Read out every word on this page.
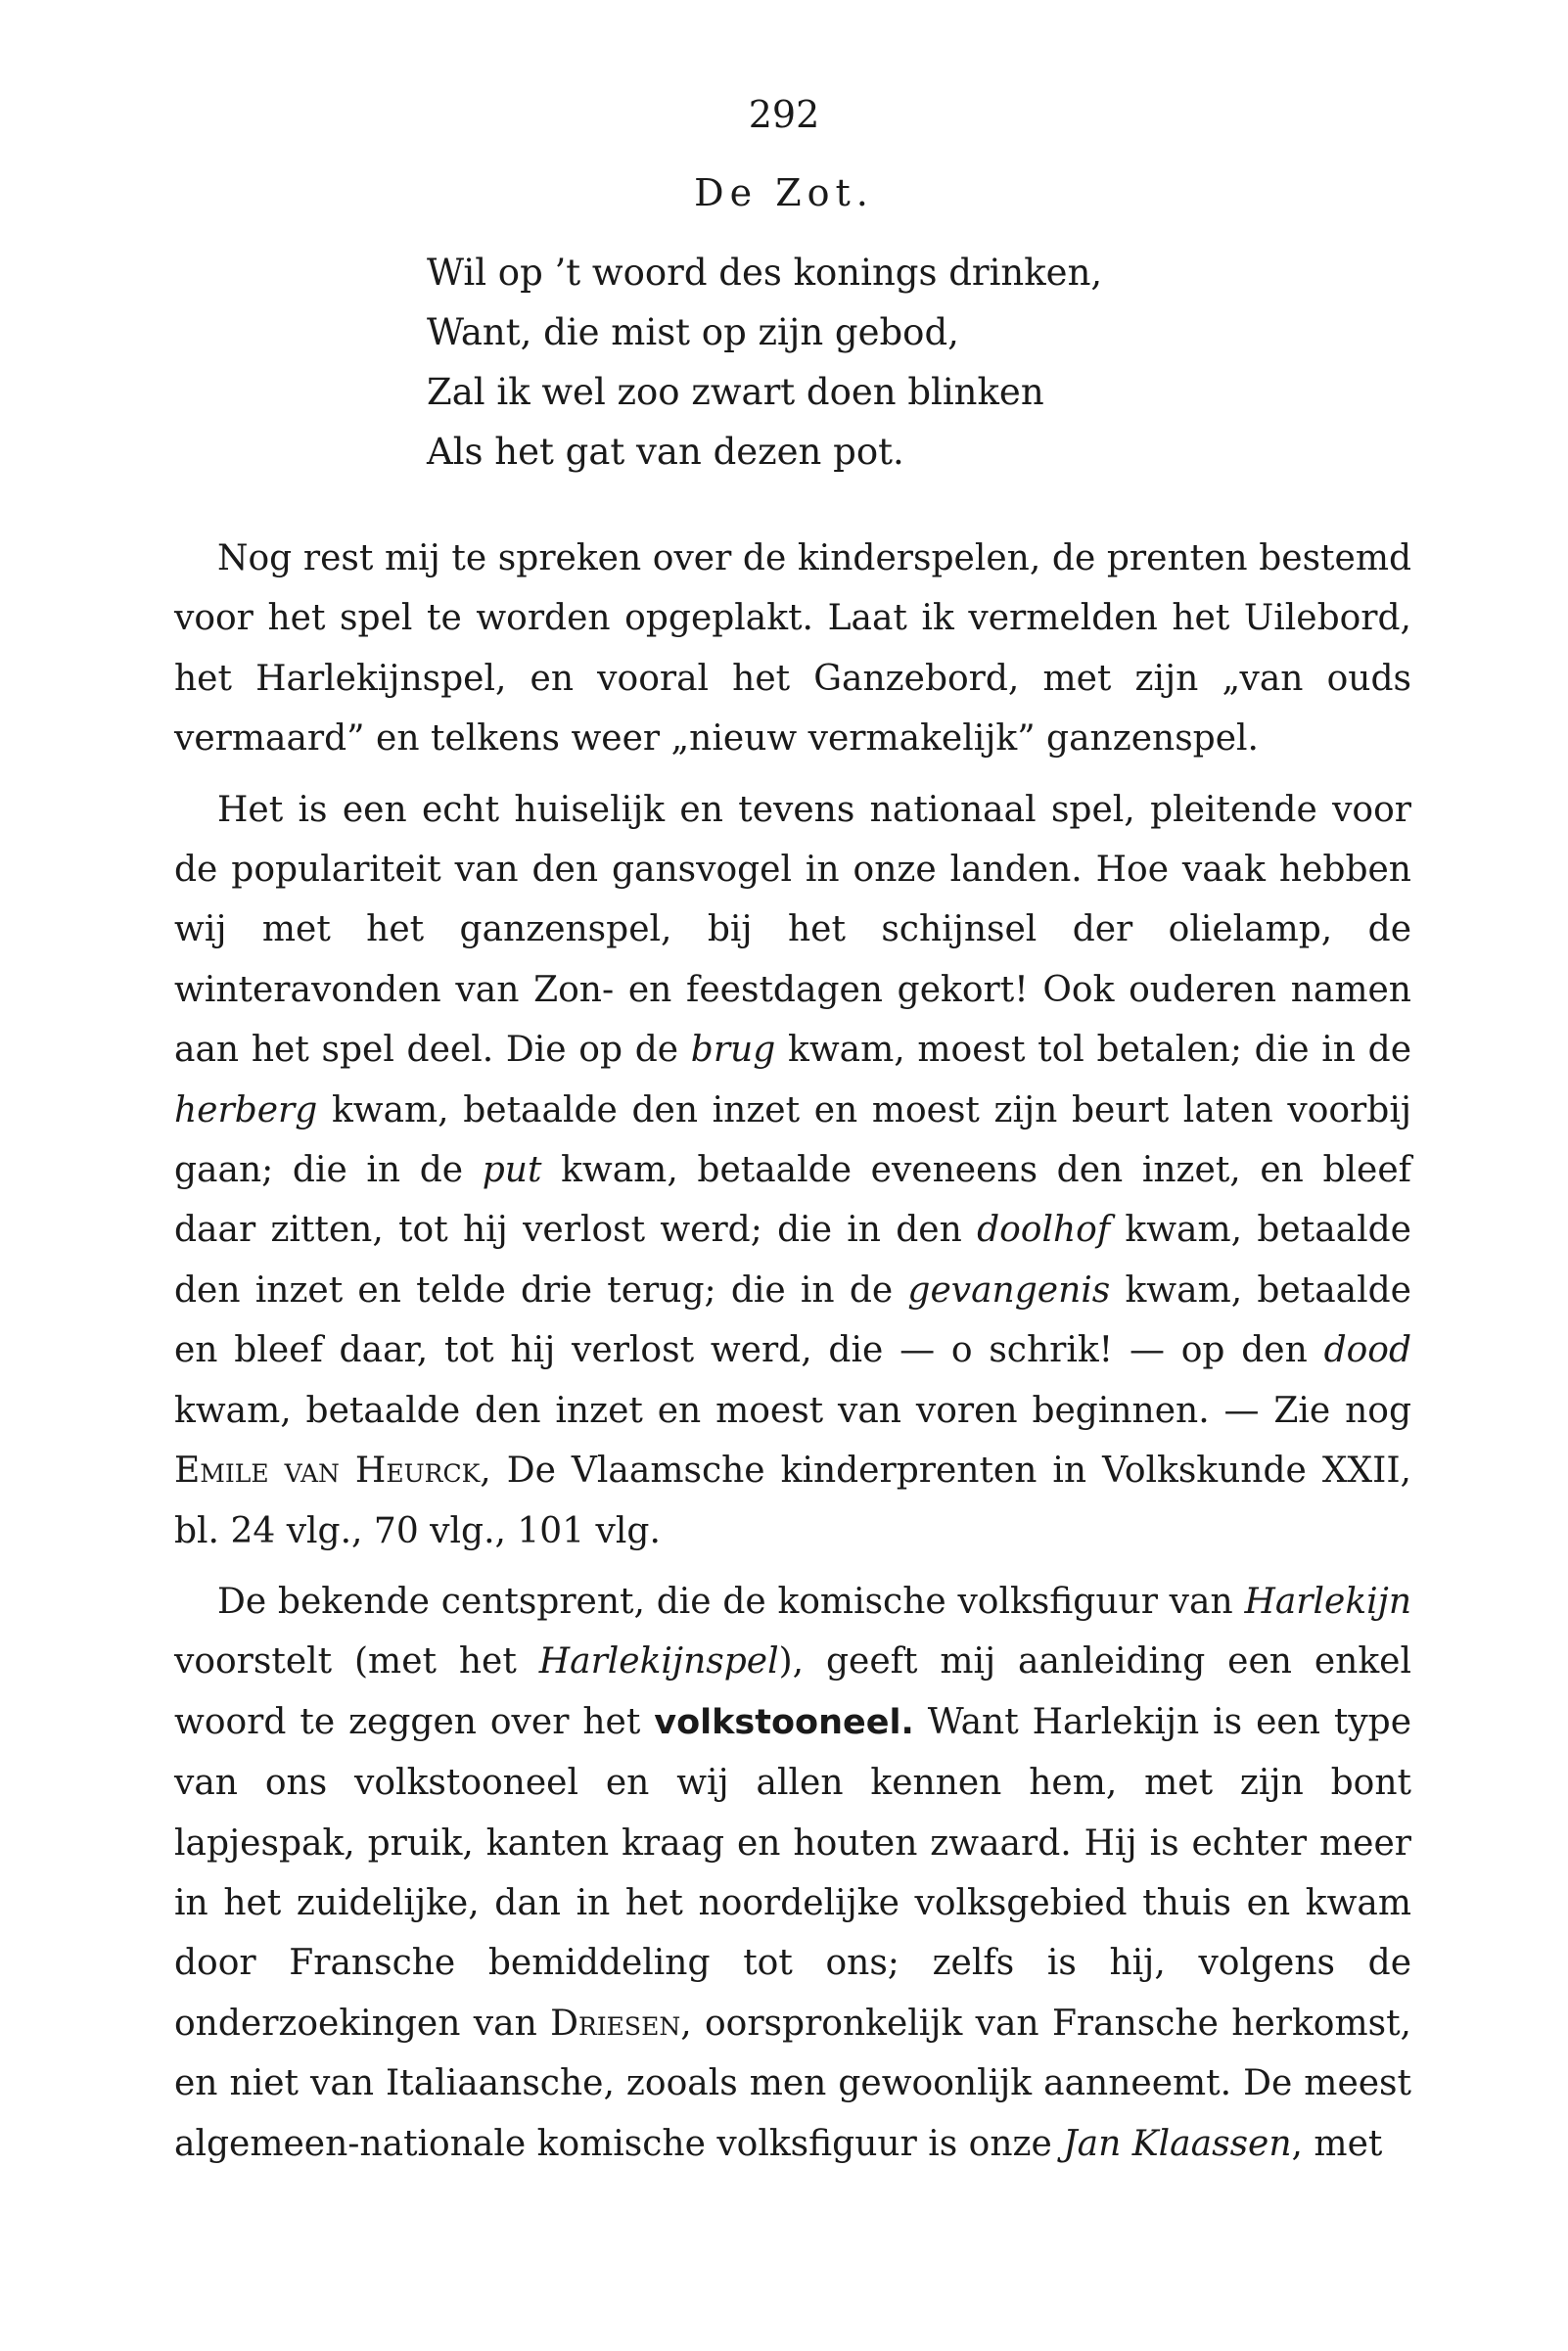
292
De Zot.
Wil op ’t woord des konings drinken,
Want, die mist op zijn gebod,
Zal ik wel zoo zwart doen blinken
Als het gat van dezen pot.

Nog rest mij te spreken over de kinderspelen, de prenten bestemd voor het spel te worden opgeplakt. Laat ik vermelden het Uilebord, het Harlekijnspel, en vooral het Ganzebord, met zijn „van ouds vermaard” en telkens weer „nieuw vermakelijk” ganzenspel.

Het is een echt huiselijk en tevens nationaal spel, pleitende voor de populariteit van den gansvogel in onze landen. Hoe vaak hebben wij met het ganzenspel, bij het schijnsel der olielamp, de winteravonden van Zon- en feestdagen gekort! Ook ouderen namen aan het spel deel. Die op de brug kwam, moest tol betalen; die in de herberg kwam, betaalde den inzet en moest zijn beurt laten voorbij gaan; die in de put kwam, betaalde eveneens den inzet, en bleef daar zitten, tot hij verlost werd; die in den doolhof kwam, betaalde den inzet en telde drie terug; die in de gevangenis kwam, betaalde en bleef daar, tot hij verlost werd, die — o schrik! — op den dood kwam, betaalde den inzet en moest van voren beginnen. — Zie nog Emile van Heurck, De Vlaamsche kinderprenten in Volkskunde XXII, bl. 24 vlg., 70 vlg., 101 vlg.

De bekende centsprent, die de komische volksfiguur van Harlekijn voorstelt (met het Harlekijnspel), geeft mij aanleiding een enkel woord te zeggen over het volkstooneel. Want Harlekijn is een type van ons volkstooneel en wij allen kennen hem, met zijn bont lapjespak, pruik, kanten kraag en houten zwaard. Hij is echter meer in het zuidelijke, dan in het noordelijke volksgebied thuis en kwam door Fransche bemiddeling tot ons; zelfs is hij, volgens de onderzoekingen van Driesen, oorspronkelijk van Fransche herkomst, en niet van Italiaansche, zooals men gewoonlijk aanneemt. De meest algemeen-nationale komische volksfiguur is onze Jan Klaassen, met
